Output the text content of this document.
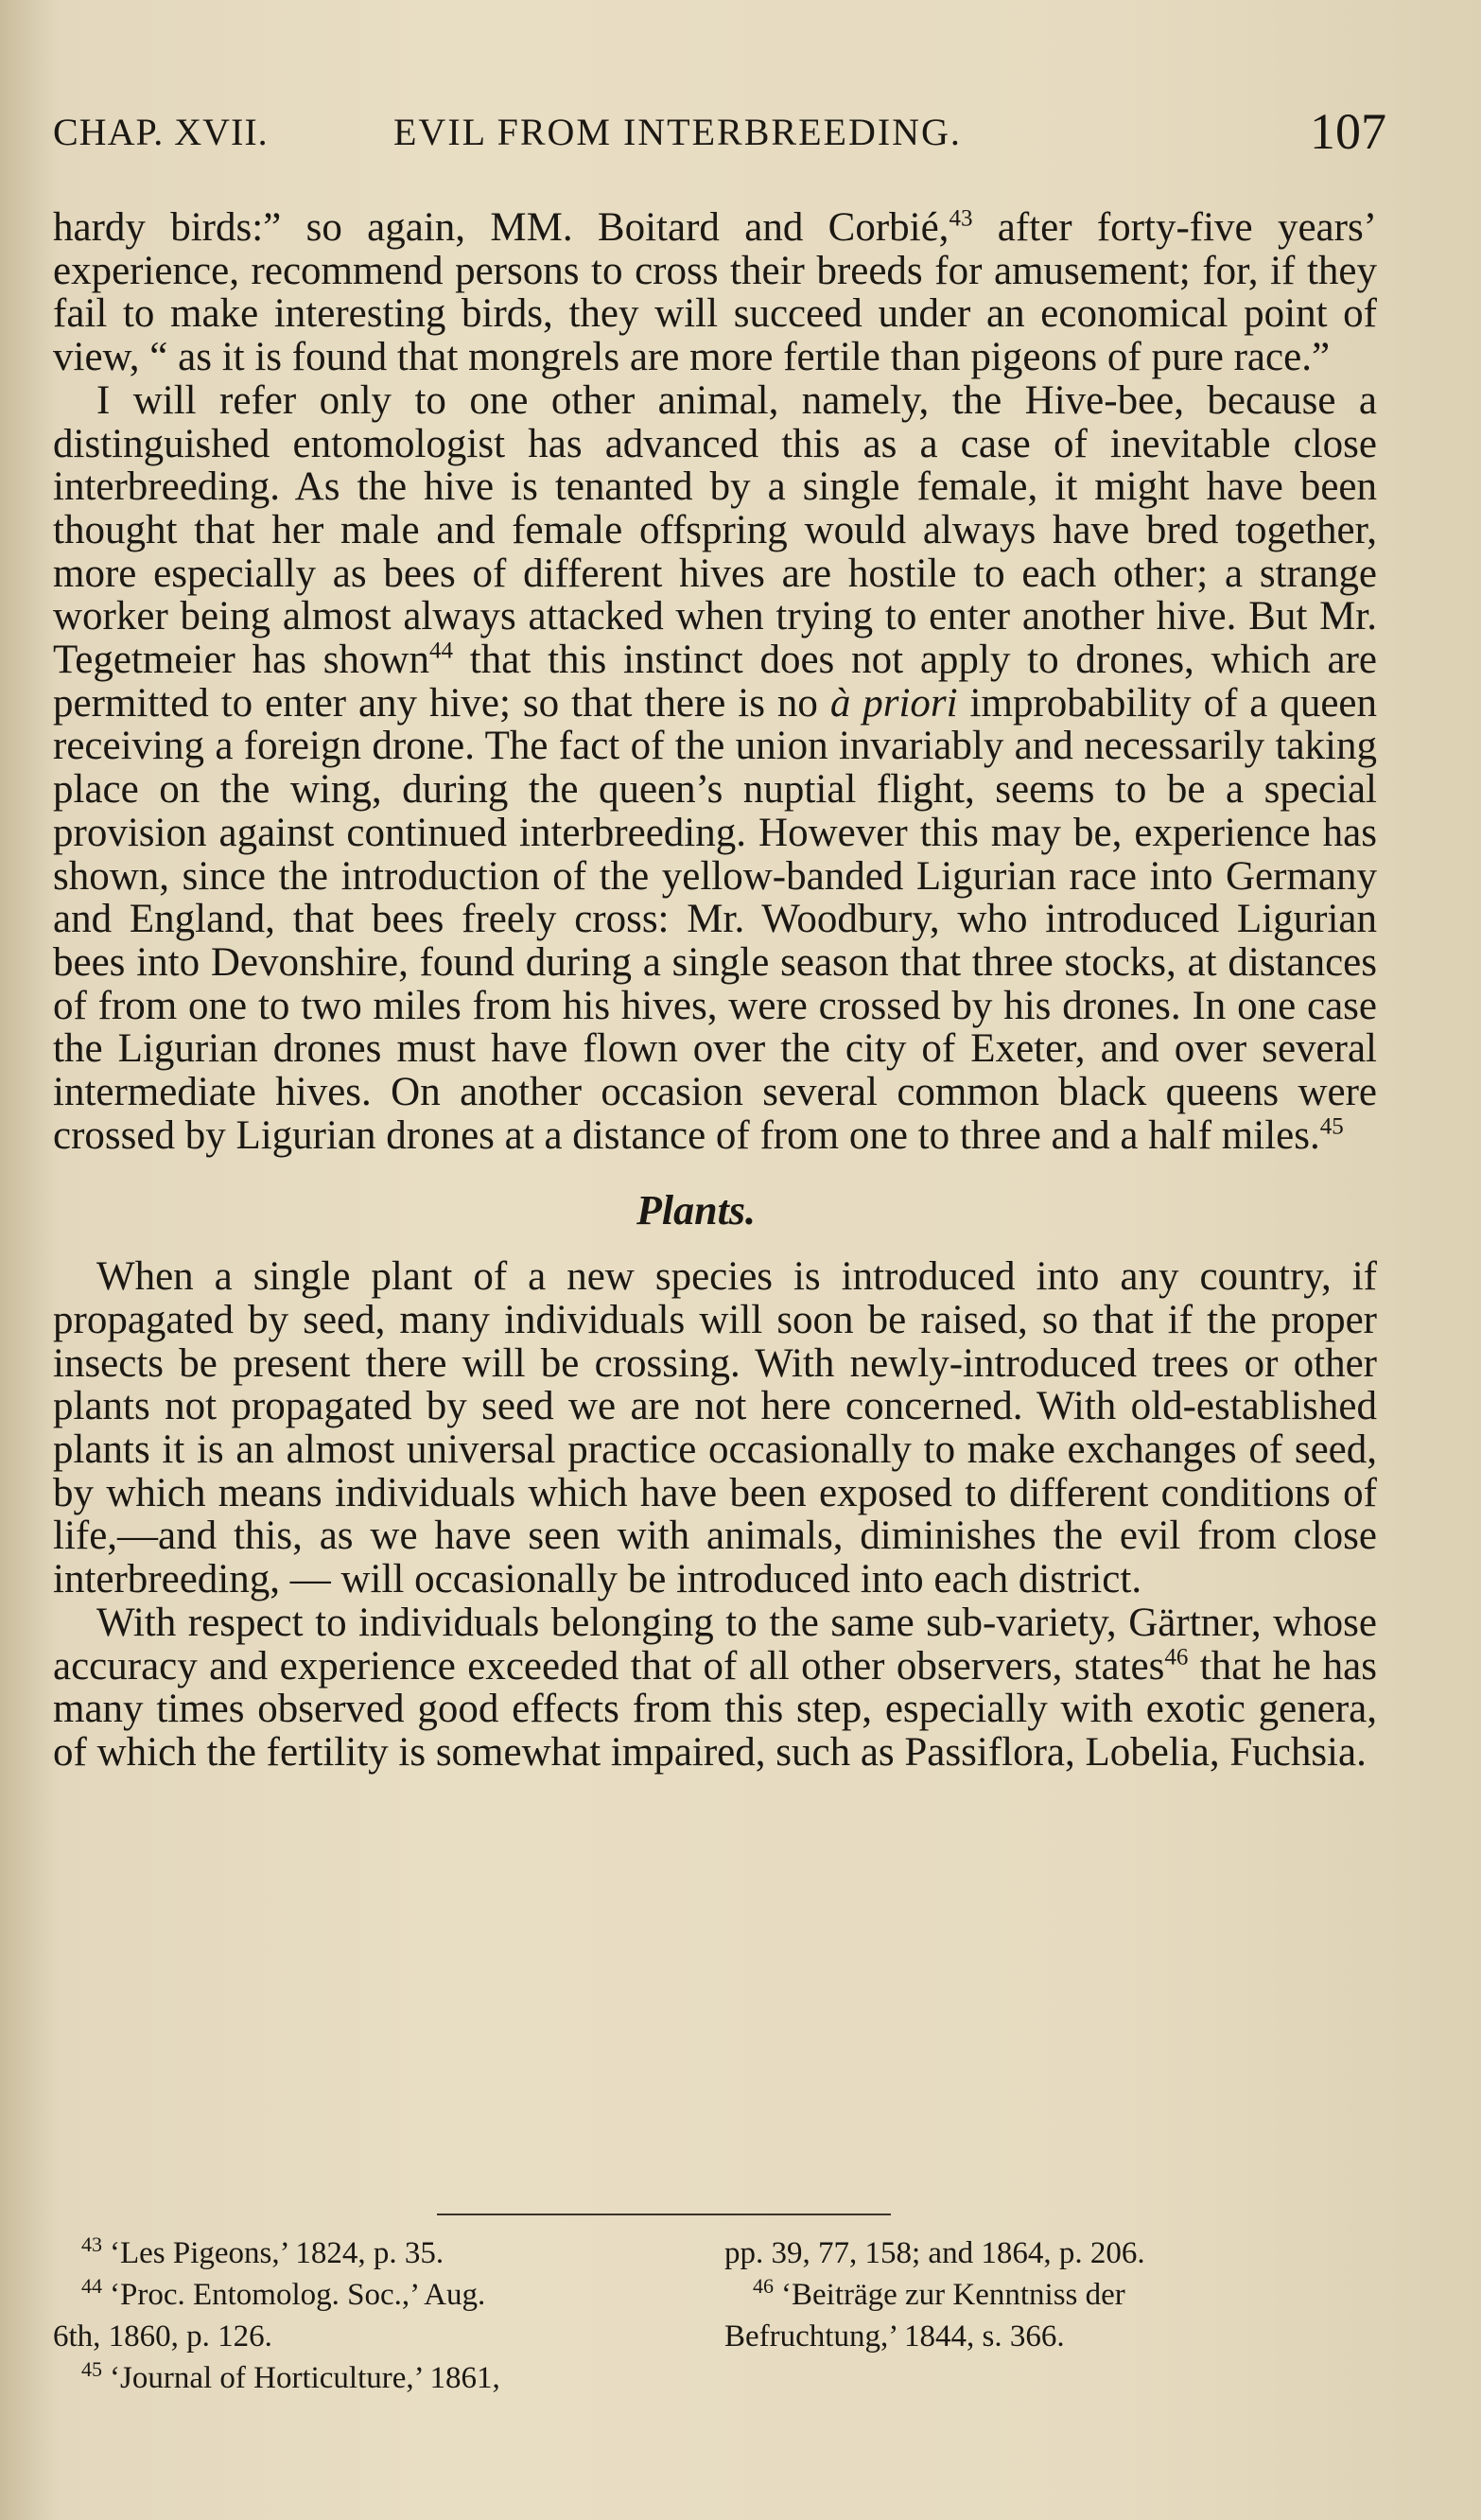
CHAP. XVII.	EVIL FROM INTERBREEDING.	107

hardy birds:” so again, MM. Boitard and Corbié,$^{43}$ after forty-five years’ experience, recommend persons to cross their breeds for amusement; for, if they fail to make interesting birds, they will succeed under an economical point of view, “ as it is found that mongrels are more fertile than pigeons of pure race.”

I will refer only to one other animal, namely, the Hive-bee, because a distinguished entomologist has advanced this as a case of inevitable close interbreeding. As the hive is tenanted by a single female, it might have been thought that her male and female offspring would always have bred together, more especially as bees of different hives are hostile to each other; a strange worker being almost always attacked when trying to enter another hive. But Mr. Tegetmeier has shown$^{44}$ that this instinct does not apply to drones, which are permitted to enter any hive; so that there is no à priori improbability of a queen receiving a foreign drone. The fact of the union invariably and necessarily taking place on the wing, during the queen’s nuptial flight, seems to be a special provision against continued interbreeding. However this may be, experience has shown, since the introduction of the yellow-banded Ligurian race into Germany and England, that bees freely cross: Mr. Woodbury, who introduced Ligurian bees into Devonshire, found during a single season that three stocks, at distances of from one to two miles from his hives, were crossed by his drones. In one case the Ligurian drones must have flown over the city of Exeter, and over several intermediate hives. On another occasion several common black queens were crossed by Ligurian drones at a distance of from one to three and a half miles.$^{45}$

Plants.

When a single plant of a new species is introduced into any country, if propagated by seed, many individuals will soon be raised, so that if the proper insects be present there will be crossing. With newly-introduced trees or other plants not propagated by seed we are not here concerned. With old-established plants it is an almost universal practice occasionally to make exchanges of seed, by which means individuals which have been exposed to different conditions of life,—and this, as we have seen with animals, diminishes the evil from close interbreeding, — will occasionally be introduced into each district.

With respect to individuals belonging to the same sub-variety, Gärtner, whose accuracy and experience exceeded that of all other observers, states$^{46}$ that he has many times observed good effects from this step, especially with exotic genera, of which the fertility is somewhat impaired, such as Passiflora, Lobelia, Fuchsia.

$^{43}$ ‘Les Pigeons,’ 1824, p. 35.

$^{44}$ ‘Proc. Entomolog. Soc.,’ Aug.

6th, 1860, p. 126.

$^{45}$ ‘Journal of Horticulture,’ 1861,

pp. 39, 77, 158; and 1864, p. 206.

$^{46}$ ‘Beiträge zur Kenntniss der

Befruchtung,’ 1844, s. 366.
